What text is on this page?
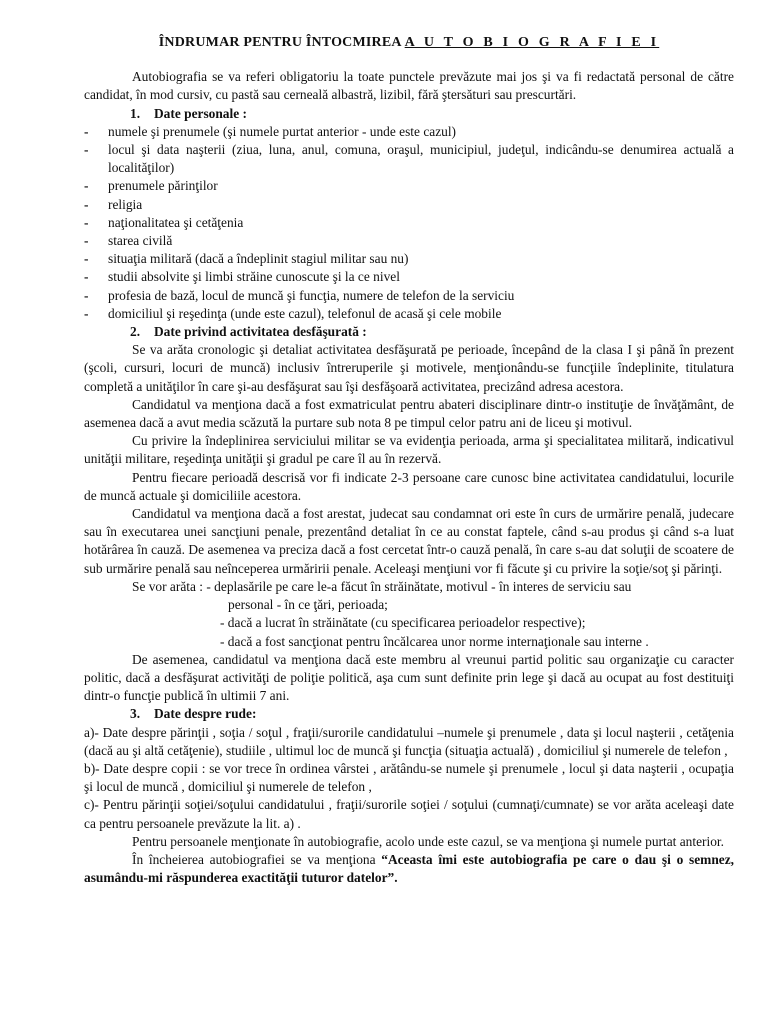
ÎNDRUMAR PENTRU ÎNTOCMIREA A U T O B I O G R A F I E I

Autobiografia se va referi obligatoriu la toate punctele prevăzute mai jos şi va fi redactată personal de către candidat, în mod cursiv, cu pastă sau cerneală albastră, lizibil, fără ştersături sau prescurtări.

1. Date personale :
- numele şi prenumele (şi numele purtat anterior - unde este cazul)
- locul şi data naşterii (ziua, luna, anul, comuna, oraşul, municipiul, judeţul, indicându-se denumirea actuală a localităţilor)
- prenumele părinţilor
- religia
- naţionalitatea şi cetăţenia
- starea civilă
- situaţia militară (dacă a îndeplinit stagiul militar sau nu)
- studii absolvite şi limbi străine cunoscute şi la ce nivel
- profesia de bază, locul de muncă şi funcţia, numere de telefon de la serviciu
- domiciliul şi reşedinţa (unde este cazul), telefonul de acasă şi cele mobile
2. Date privind activitatea desfăşurată :

Se va arăta cronologic şi detaliat activitatea desfăşurată pe perioade, începând de la clasa I şi până în prezent (şcoli, cursuri, locuri de muncă) inclusiv întreruperile şi motivele, menţionându-se funcţiile îndeplinite, titulatura completă a unităţilor în care şi-au desfăşurat sau îşi desfăşoară activitatea, precizând adresa acestora.

Candidatul va menţiona dacă a fost exmatriculat pentru abateri disciplinare dintr-o instituţie de învăţământ, de asemenea dacă a avut media scăzută la purtare sub nota 8 pe timpul celor patru ani de liceu şi motivul.

Cu privire la îndeplinirea serviciului militar se va evidenţia perioada, arma şi specialitatea militară, indicativul unităţii militare, reşedinţa unităţii şi gradul pe care îl au în rezervă.

Pentru fiecare perioadă descrisă vor fi indicate 2-3 persoane care cunosc bine activitatea candidatului, locurile de muncă actuale şi domiciliile acestora.

Candidatul va menţiona dacă a fost arestat, judecat sau condamnat ori este în curs de urmărire penală, judecare sau în executarea unei sancţiuni penale, prezentând detaliat în ce au constat faptele, când s-au produs şi când s-a luat hotărârea în cauză. De asemenea va preciza dacă a fost cercetat într-o cauză penală, în care s-au dat soluţii de scoatere de sub urmărire penală sau neînceperea urmăririi penale. Aceleaşi menţiuni vor fi făcute şi cu privire la soţie/soţ şi părinţi.

Se vor arăta : - deplasările pe care le-a făcut în străinătate, motivul - în interes de serviciu sau
personal - în ce ţări, perioada;
- dacă a lucrat în străinătate (cu specificarea perioadelor respective);
- dacă a fost sancţionat pentru încălcarea unor norme internaţionale sau interne .

De asemenea, candidatul va menţiona dacă este membru al vreunui partid politic sau organizaţie cu caracter politic, dacă a desfăşurat activităţi de poliţie politică, aşa cum sunt definite prin lege şi dacă au ocupat au fost destituiţi dintr-o funcţie publică în ultimii 7 ani.

3. Date despre rude:

a)- Date despre părinţii , soţia / soţul , fraţii/surorile candidatului –numele şi prenumele , data şi locul naşterii , cetăţenia (dacă au şi altă cetăţenie), studiile , ultimul loc de muncă şi funcţia (situaţia actuală) , domiciliul şi numerele de telefon ,

b)- Date despre copii : se vor trece în ordinea vârstei , arătându-se numele şi prenumele , locul şi data naşterii , ocupaţia şi locul de muncă , domiciliul şi numerele de telefon ,

c)- Pentru părinţii soţiei/soţului candidatului , fraţii/surorile soţiei / soţului (cumnaţi/cumnate) se vor arăta aceleaşi date ca pentru persoanele prevăzute la lit. a) .

Pentru persoanele menţionate în autobiografie, acolo unde este cazul, se va menţiona şi numele purtat anterior.

În încheierea autobiografiei se va menţiona “Aceasta îmi este autobiografia pe care o dau şi o semnez, asumându-mi răspunderea exactităţii tuturor datelor”.
